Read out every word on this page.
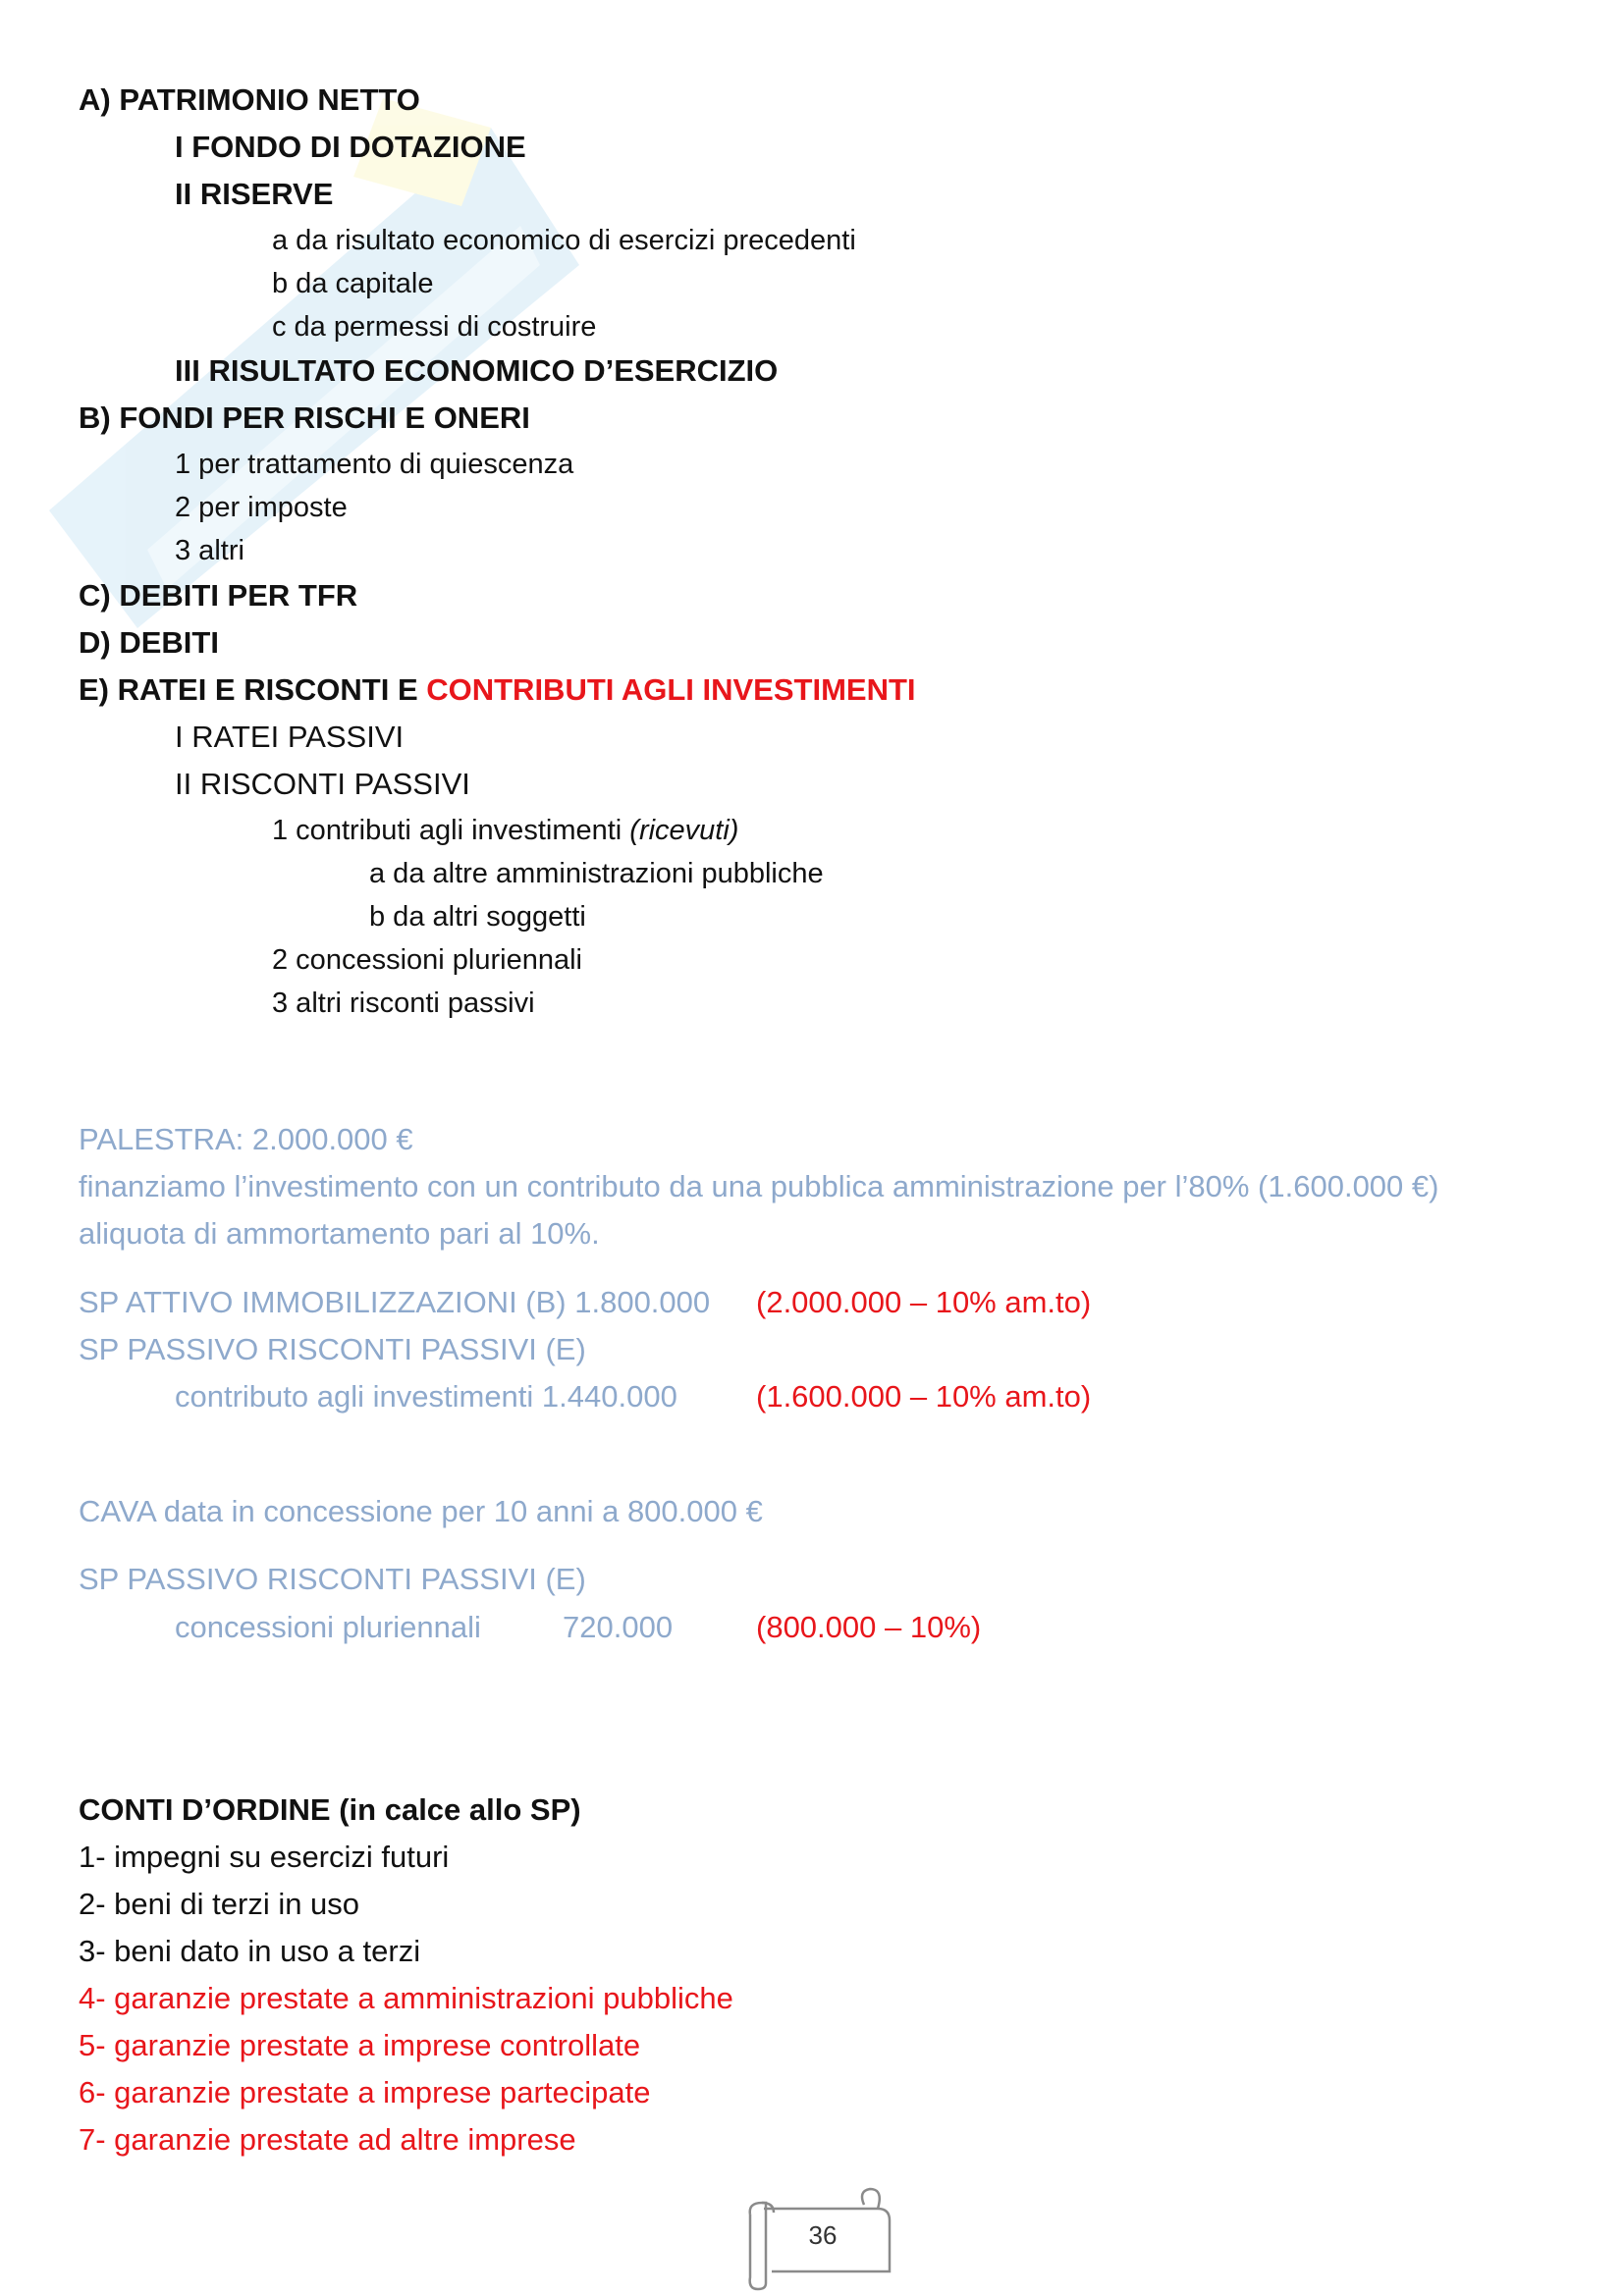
A) PATRIMONIO NETTO
I FONDO DI DOTAZIONE
II RISERVE
a da risultato economico di esercizi precedenti
b da capitale
c da permessi di costruire
III RISULTATO ECONOMICO D’ESERCIZIO
B) FONDI PER RISCHI E ONERI
1 per trattamento di quiescenza
2 per imposte
3 altri
C) DEBITI PER TFR
D) DEBITI
E) RATEI E RISCONTI E CONTRIBUTI AGLI INVESTIMENTI
I RATEI PASSIVI
II RISCONTI PASSIVI
1 contributi agli investimenti (ricevuti)
a da altre amministrazioni pubbliche
b da altri soggetti
2 concessioni pluriennali
3 altri risconti passivi
PALESTRA: 2.000.000 €
finanziamo l’investimento con un contributo da una pubblica amministrazione per l’80% (1.600.000 €)
aliquota di ammortamento pari al 10%.
SP ATTIVO IMMOBILIZZAZIONI (B) 1.800.000 (2.000.000 – 10% am.to)
SP PASSIVO RISCONTI PASSIVI (E)
contributo agli investimenti 1.440.000	(1.600.000 – 10% am.to)
CAVA data in concessione per 10 anni a 800.000 €
SP PASSIVO RISCONTI PASSIVI (E)
concessioni pluriennali	720.000	(800.000 – 10%)
CONTI D’ORDINE (in calce allo SP)
1- impegni su esercizi futuri
2- beni di terzi in uso
3- beni dato in uso a terzi
4- garanzie prestate a amministrazioni pubbliche
5- garanzie prestate a imprese controllate
6- garanzie prestate a imprese partecipate
7- garanzie prestate ad altre imprese
36
